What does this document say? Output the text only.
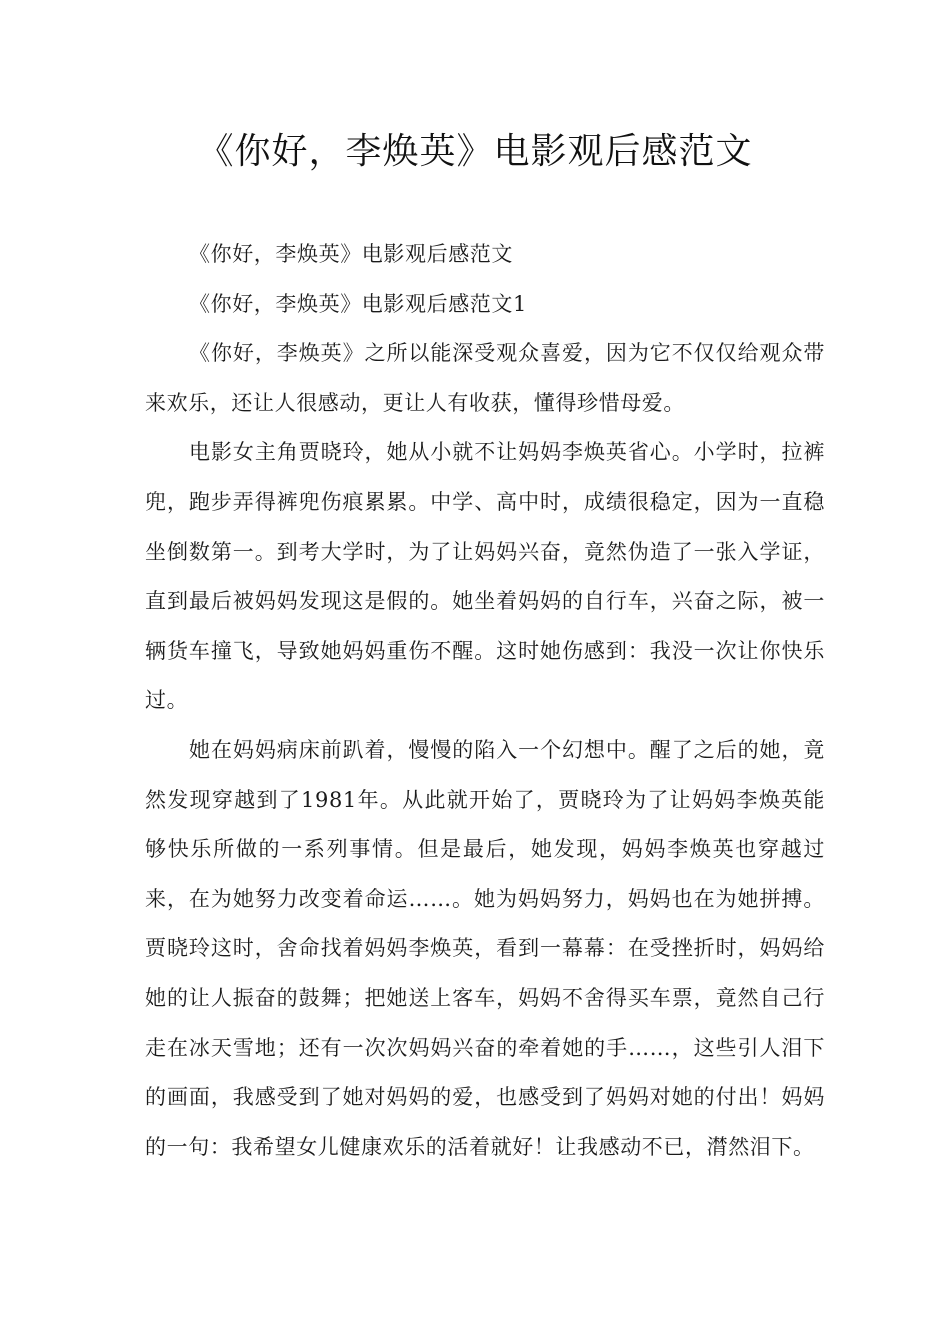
《你好，李焕英》电影观后感范文

《你好，李焕英》电影观后感范文

《你好，李焕英》电影观后感范文1

《你好，李焕英》之所以能深受观众喜爱，因为它不仅仅给观众带来欢乐，还让人很感动，更让人有收获，懂得珍惜母爱。

电影女主角贾晓玲，她从小就不让妈妈李焕英省心。小学时，拉裤兜，跑步弄得裤兜伤痕累累。中学、高中时，成绩很稳定，因为一直稳坐倒数第一。到考大学时，为了让妈妈兴奋，竟然伪造了一张入学证，直到最后被妈妈发现这是假的。她坐着妈妈的自行车，兴奋之际，被一辆货车撞飞，导致她妈妈重伤不醒。这时她伤感到：我没一次让你快乐过。

她在妈妈病床前趴着，慢慢的陷入一个幻想中。醒了之后的她，竟然发现穿越到了1981年。从此就开始了，贾晓玲为了让妈妈李焕英能够快乐所做的一系列事情。但是最后，她发现，妈妈李焕英也穿越过来，在为她努力改变着命运……。她为妈妈努力，妈妈也在为她拼搏。贾晓玲这时，舍命找着妈妈李焕英，看到一幕幕：在受挫折时，妈妈给她的让人振奋的鼓舞；把她送上客车，妈妈不舍得买车票，竟然自己行走在冰天雪地；还有一次次妈妈兴奋的牵着她的手……，这些引人泪下的画面，我感受到了她对妈妈的爱，也感受到了妈妈对她的付出！妈妈的一句：我希望女儿健康欢乐的活着就好！让我感动不已，潸然泪下。
